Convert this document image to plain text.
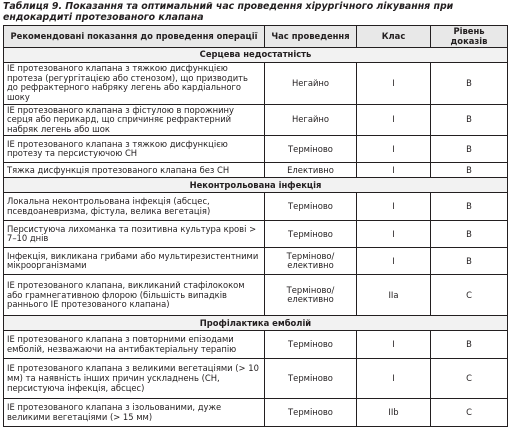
Таблиця 9. Показання та оптимальний час проведення хірургічного лікування при ендокардиті протезованого клапана
Рекомендовані показання до проведення операції	Час проведення	Клас	Рівень доказів
Серцева недостатність			
ІЕ протезованого клапана з тяжкою дисфункцією протеза (регургітацією або стенозом), що призводить до рефрактерного набряку легень або кардіального шоку	Негайно	I	B
ІЕ протезованого клапана з фістулою в порожнину серця або перикард, що спричиняє рефрактерний набряк легень або шок	Негайно	I	B
ІЕ протезованого клапана з тяжкою дисфункцією протезу та персистуючою СН	Терміново	I	B
Тяжка дисфункція протезованого клапана без СН	Елективно	I	B
Неконтрольована інфекція			
Локальна неконтрольована інфекція (абсцес, псевдоаневризма, фістула, велика вегетація)	Терміново	I	B
Персистуюча лихоманка та позитивна культура крові > 7–10 днів	Терміново	I	B
Інфекція, викликана грибами або мультирезистентними мікроорганізмами	Терміново/елективно	I	B
ІЕ протезованого клапана, викликаний стафілококом або грамнегативною флорою (більшість випадків раннього ІЕ протезованого клапана)	Терміново/елективно	IIa	C
Профілактика емболій			
ІЕ протезованого клапана з повторними епізодами емболій, незважаючи на антибактеріальну терапію	Терміново	I	B
ІЕ протезованого клапана з великими вегетаціями (> 10 мм) та наявність інших причин ускладнень (СН, персистуюча інфекція, абсцес)	Терміново	I	C
ІЕ протезованого клапана з ізольованими, дуже великими вегетаціями (> 15 мм)	Терміново	IIb	C
